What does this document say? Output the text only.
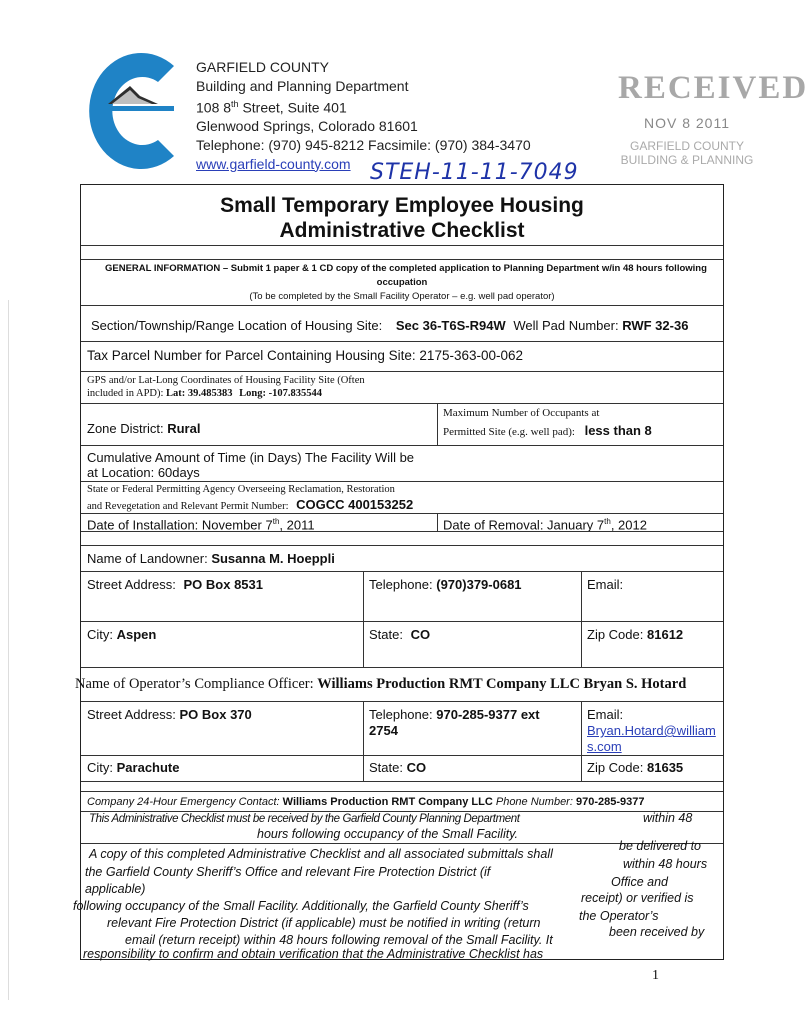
GARFIELD COUNTY
Building and Planning Department
108 8th Street, Suite 401
Glenwood Springs, Colorado 81601
Telephone: (970) 945-8212 Facsimile: (970) 384-3470
www.garfield-county.com
RECEIVED
NOV 8 2011
GARFIELD COUNTY
BUILDING & PLANNING
STEH-11-11-7049
Small Temporary Employee Housing
Administrative Checklist
GENERAL INFORMATION – Submit 1 paper & 1 CD copy of the completed application to Planning Department w/in 48 hours following
occupation
(To be completed by the Small Facility Operator – e.g. well pad operator)
Section/Township/Range Location of Housing Site: Sec 36-T6S-R94W Well Pad Number: RWF 32-36
Tax Parcel Number for Parcel Containing Housing Site: 2175-363-00-062
GPS and/or Lat-Long Coordinates of Housing Facility Site (Often
included in APD): Lat: 39.485383 Long: -107.835544
Zone District: Rural
Maximum Number of Occupants at
Permitted Site (e.g. well pad): less than 8
Cumulative Amount of Time (in Days) The Facility Will be
at Location: 60days
State or Federal Permitting Agency Overseeing Reclamation, Restoration
and Revegetation and Relevant Permit Number: COGCC 400153252
Date of Installation: November 7th, 2011	Date of Removal: January 7th, 2012
Name of Landowner: Susanna M. Hoeppli
Street Address: PO Box 8531	Telephone: (970)379-0681	Email:
City: Aspen	State: CO	Zip Code: 81612
Name of Operator’s Compliance Officer: Williams Production RMT Company LLC Bryan S. Hotard
Street Address: PO Box 370	Telephone: 970-285-9377 ext
2754
Email:
Bryan.Hotard@william
s.com
City: Parachute	State: CO	Zip Code: 81635
Company 24-Hour Emergency Contact: Williams Production RMT Company LLC Phone Number: 970-285-9377
This Administrative Checklist must be received by the Garfield County Planning Department	within 48
hours following occupancy of the Small Facility.
A copy of this completed Administrative Checklist and all associated submittals shall
be delivered to
the Garfield County Sheriff’s Office and relevant Fire Protection District (if
within 48 hours
applicable)	Office and
following occupancy of the Small Facility. Additionally, the Garfield County Sheriff’s
receipt) or verified is
relevant Fire Protection District (if applicable) must be notified in writing (return	the Operator’s
email (return receipt) within 48 hours following removal of the Small Facility. It
been received by
responsibility to confirm and obtain verification that the Administrative Checklist has
1
